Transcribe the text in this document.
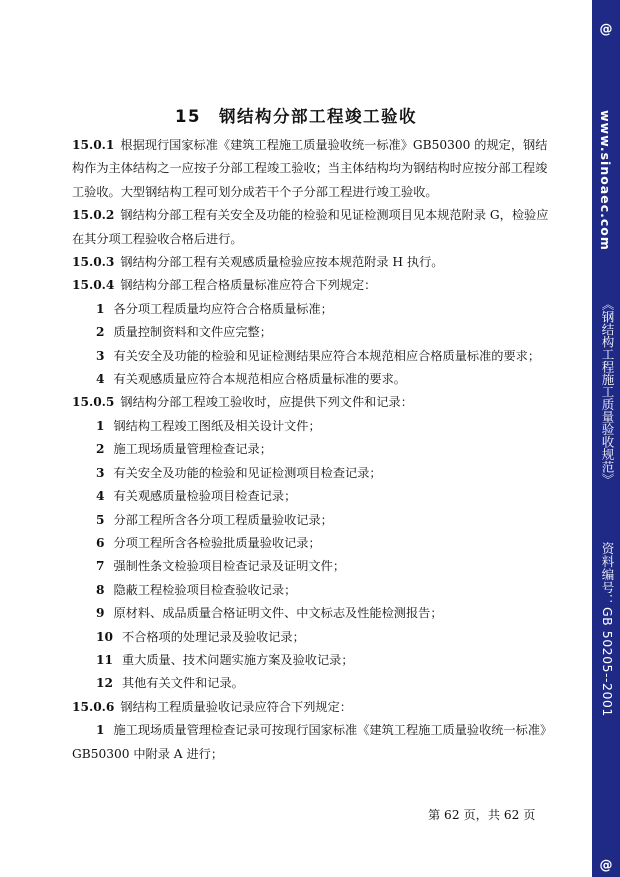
15 钢结构分部工程竣工验收

15.0.1 根据现行国家标准《建筑工程施工质量验收统一标准》GB50300 的规定，钢结构作为主体结构之一应按子分部工程竣工验收；当主体结构均为钢结构时应按分部工程竣工验收。大型钢结构工程可划分成若干个子分部工程进行竣工验收。

15.0.2 钢结构分部工程有关安全及功能的检验和见证检测项目见本规范附录 G，检验应在其分项工程验收合格后进行。

15.0.3 钢结构分部工程有关观感质量检验应按本规范附录 H 执行。

15.0.4 钢结构分部工程合格质量标准应符合下列规定：

1 各分项工程质量均应符合合格质量标准；

2 质量控制资料和文件应完整；

3 有关安全及功能的检验和见证检测结果应符合本规范相应合格质量标准的要求；

4 有关观感质量应符合本规范相应合格质量标准的要求。

15.0.5 钢结构分部工程竣工验收时，应提供下列文件和记录：

1 钢结构工程竣工图纸及相关设计文件；

2 施工现场质量管理检查记录；

3 有关安全及功能的检验和见证检测项目检查记录；

4 有关观感质量检验项目检查记录；

5 分部工程所含各分项工程质量验收记录；

6 分项工程所含各检验批质量验收记录；

7 强制性条文检验项目检查记录及证明文件；

8 隐蔽工程检验项目检查验收记录；

9 原材料、成品质量合格证明文件、中文标志及性能检测报告；

10 不合格项的处理记录及验收记录；

11 重大质量、技术问题实施方案及验收记录；

12 其他有关文件和记录。

15.0.6 钢结构工程质量验收记录应符合下列规定：

1 施工现场质量管理检查记录可按现行国家标准《建筑工程施工质量验收统一标准》GB50300 中附录 A 进行；

第 62 页，共 62 页
@
www.sinoaec.com
《钢结构工程施工质量验收规范》
资料编号：GB 50205--2001
@
